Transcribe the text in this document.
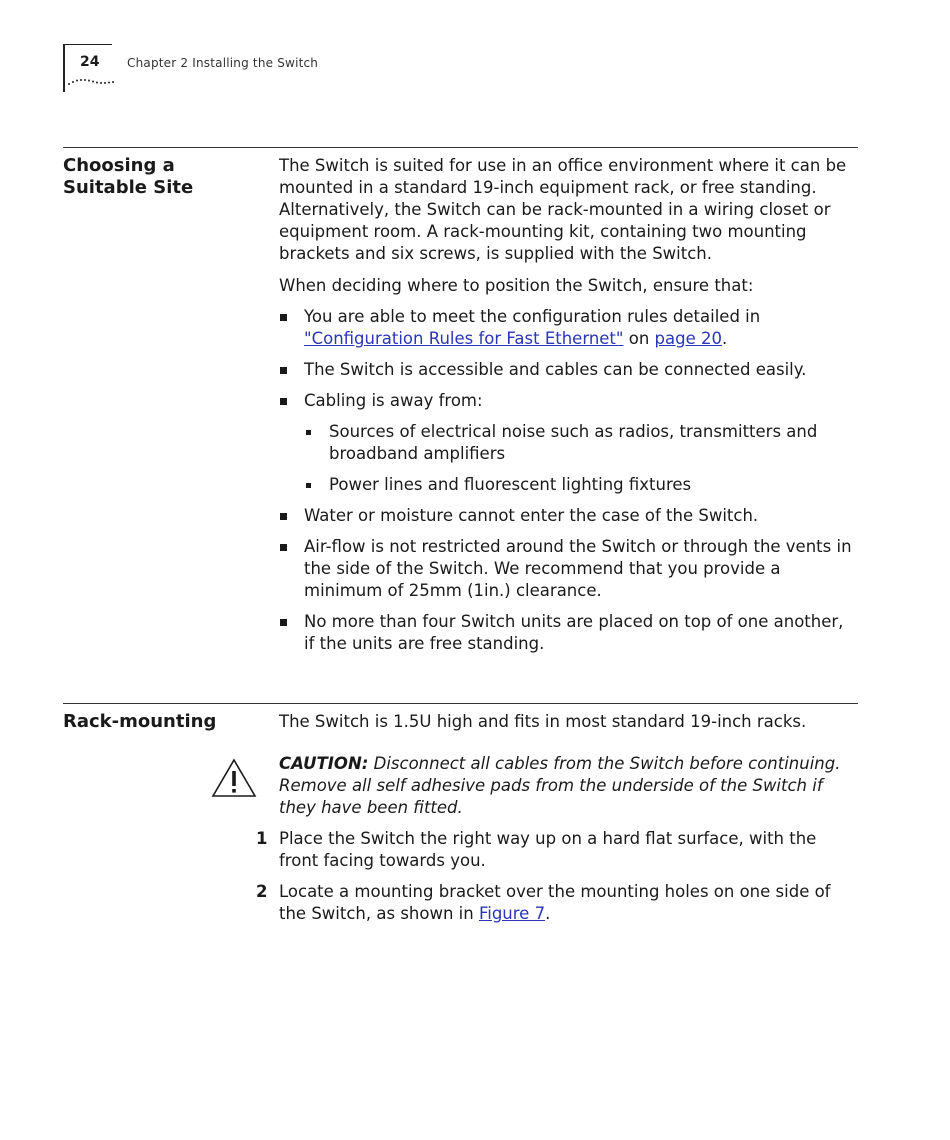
24 Chapter 2 Installing the Switch
Choosing a Suitable Site

The Switch is suited for use in an office environment where it can be mounted in a standard 19-inch equipment rack, or free standing. Alternatively, the Switch can be rack-mounted in a wiring closet or equipment room. A rack-mounting kit, containing two mounting brackets and six screws, is supplied with the Switch.

When deciding where to position the Switch, ensure that:

You are able to meet the configuration rules detailed in "Configuration Rules for Fast Ethernet" on page 20.
The Switch is accessible and cables can be connected easily.
Cabling is away from:
Sources of electrical noise such as radios, transmitters and broadband amplifiers
Power lines and fluorescent lighting fixtures
Water or moisture cannot enter the case of the Switch.
Air-flow is not restricted around the Switch or through the vents in the side of the Switch. We recommend that you provide a minimum of 25mm (1in.) clearance.
No more than four Switch units are placed on top of one another, if the units are free standing.
Rack-mounting	The Switch is 1.5U high and fits in most standard 19-inch racks.
CAUTION: Disconnect all cables from the Switch before continuing. Remove all self adhesive pads from the underside of the Switch if they have been fitted.
1 Place the Switch the right way up on a hard flat surface, with the front facing towards you.
2 Locate a mounting bracket over the mounting holes on one side of the Switch, as shown in Figure 7.
